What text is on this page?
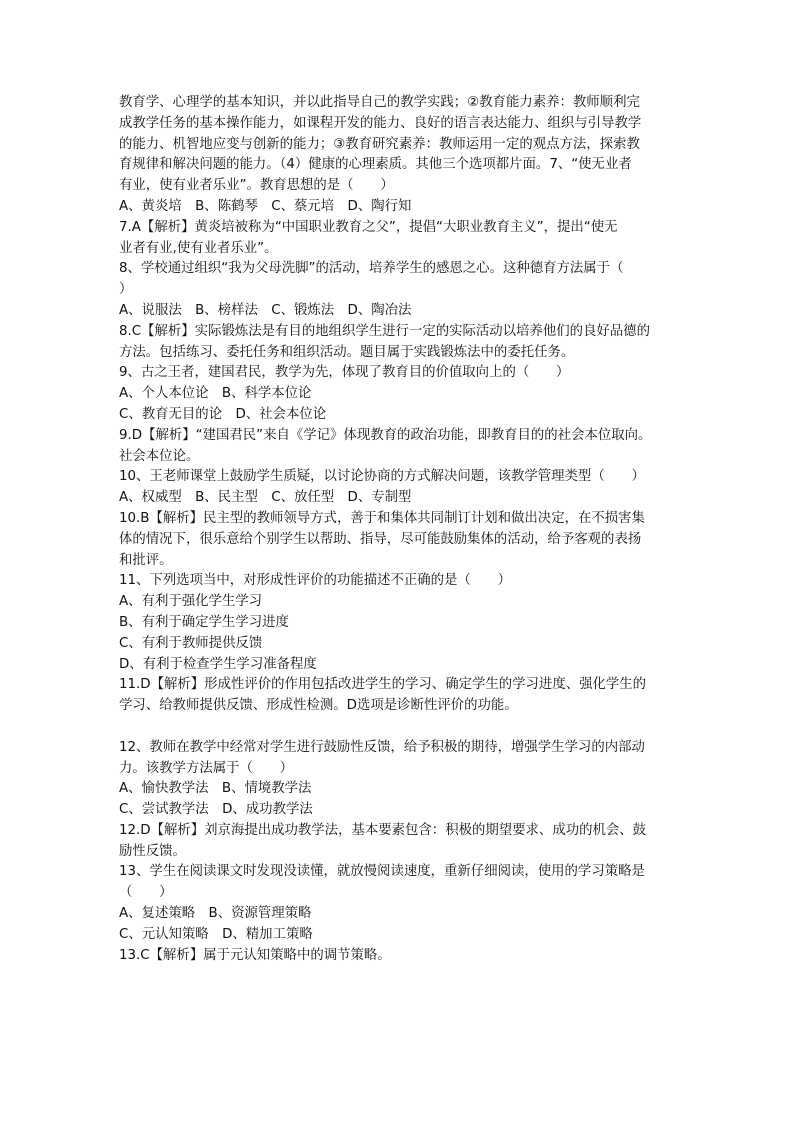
教育学、心理学的基本知识，并以此指导自己的教学实践；②教育能力素养：教师顺利完
成教学任务的基本操作能力，如课程开发的能力、良好的语言表达能力、组织与引导教学
的能力、机智地应变与创新的能力；③教育研究素养：教师运用一定的观点方法，探索教
育规律和解决问题的能力。（4）健康的心理素质。其他三个选项都片面。7、“使无业者
有业，使有业者乐业”。教育思想的是（　　）
A、黄炎培　B、陈鹤琴　C、蔡元培　D、陶行知
7.A【解析】黄炎培被称为“中国职业教育之父”，提倡“大职业教育主义”，提出“使无
业者有业,使有业者乐业”。
8、学校通过组织“我为父母洗脚”的活动，培养学生的感恩之心。这种德育方法属于（
）
A、说服法　B、榜样法　C、锻炼法　D、陶冶法
8.C【解析】实际锻炼法是有目的地组织学生进行一定的实际活动以培养他们的良好品德的
方法。包括练习、委托任务和组织活动。题目属于实践锻炼法中的委托任务。
9、古之王者，建国君民，教学为先，体现了教育目的价值取向上的（　　）
A、个人本位论　B、科学本位论
C、教育无目的论　D、社会本位论
9.D【解析】“建国君民”来自《学记》体现教育的政治功能，即教育目的的社会本位取向。
社会本位论。
10、王老师课堂上鼓励学生质疑，以讨论协商的方式解决问题，该教学管理类型（　　）
A、权威型　B、民主型　C、放任型　D、专制型
10.B【解析】民主型的教师领导方式，善于和集体共同制订计划和做出决定，在不损害集
体的情况下，很乐意给个别学生以帮助、指导，尽可能鼓励集体的活动，给予客观的表扬
和批评。
11、下列选项当中，对形成性评价的功能描述不正确的是（　　）
A、有利于强化学生学习
B、有利于确定学生学习进度
C、有利于教师提供反馈
D、有利于检查学生学习准备程度
11.D【解析】形成性评价的作用包括改进学生的学习、确定学生的学习进度、强化学生的
学习、给教师提供反馈、形成性检测。D选项是诊断性评价的功能。
12、教师在教学中经常对学生进行鼓励性反馈，给予积极的期待，增强学生学习的内部动
力。该教学方法属于（　　）
A、愉快教学法　B、情境教学法
C、尝试教学法　D、成功教学法
12.D【解析】刘京海提出成功教学法，基本要素包含：积极的期望要求、成功的机会、鼓
励性反馈。
13、学生在阅读课文时发现没读懂，就放慢阅读速度，重新仔细阅读，使用的学习策略是
（　　）
A、复述策略　B、资源管理策略
C、元认知策略　D、精加工策略
13.C【解析】属于元认知策略中的调节策略。
